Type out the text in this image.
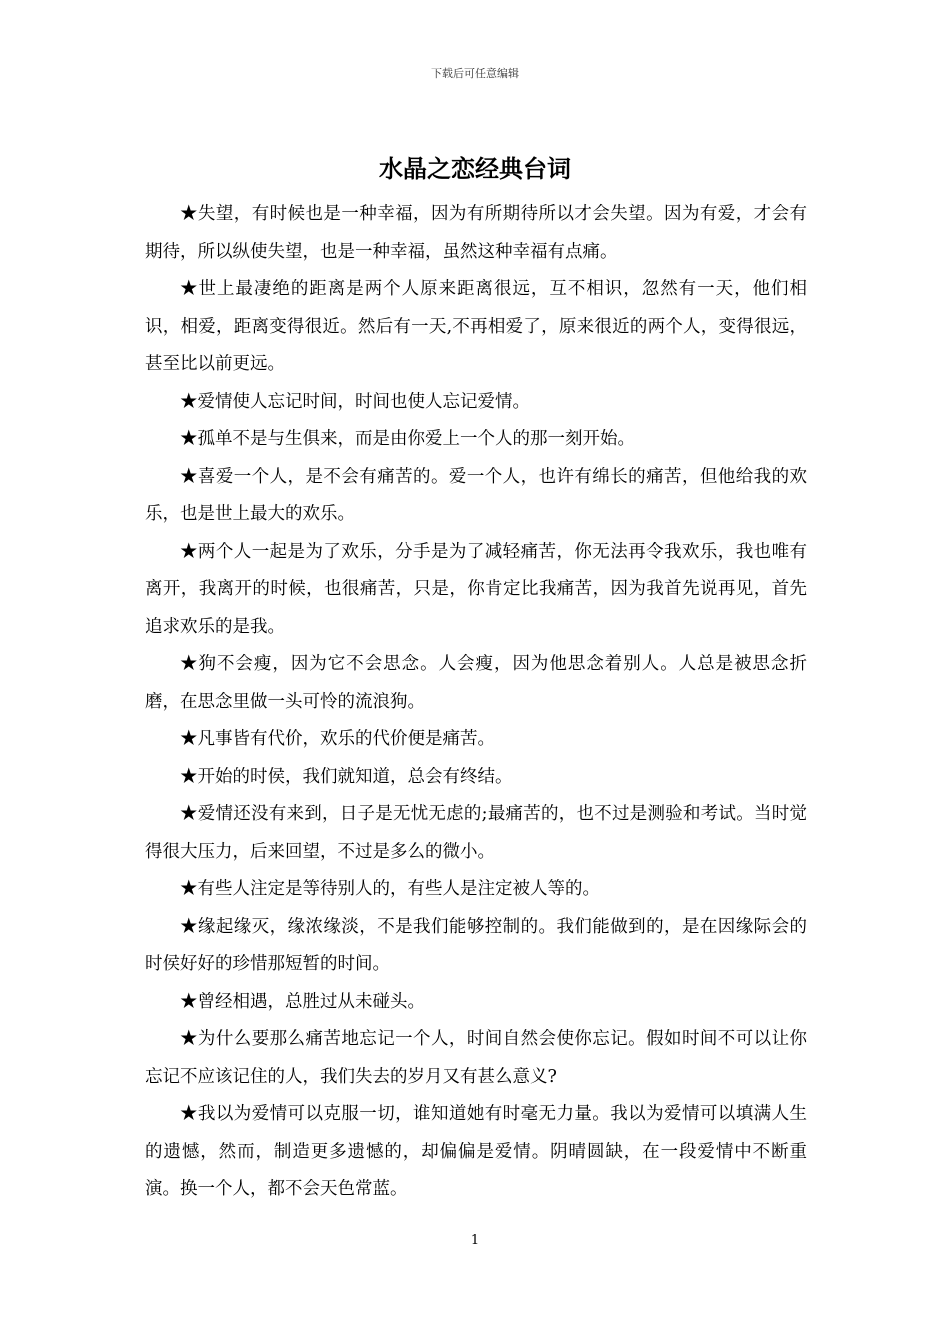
下载后可任意编辑
水晶之恋经典台词

★失望，有时候也是一种幸福，因为有所期待所以才会失望。因为有爱，才会有期待，所以纵使失望，也是一种幸福，虽然这种幸福有点痛。

★世上最凄绝的距离是两个人原来距离很远，互不相识，忽然有一天，他们相识，相爱，距离变得很近。然后有一天,不再相爱了，原来很近的两个人，变得很远，甚至比以前更远。

★爱情使人忘记时间，时间也使人忘记爱情。

★孤单不是与生俱来，而是由你爱上一个人的那一刻开始。

★喜爱一个人，是不会有痛苦的。爱一个人，也许有绵长的痛苦，但他给我的欢乐，也是世上最大的欢乐。

★两个人一起是为了欢乐，分手是为了减轻痛苦，你无法再令我欢乐，我也唯有离开，我离开的时候，也很痛苦，只是，你肯定比我痛苦，因为我首先说再见，首先追求欢乐的是我。

★狗不会瘦，因为它不会思念。人会瘦，因为他思念着别人。人总是被思念折磨，在思念里做一头可怜的流浪狗。

★凡事皆有代价，欢乐的代价便是痛苦。

★开始的时侯，我们就知道，总会有终结。

★爱情还没有来到，日子是无忧无虑的;最痛苦的，也不过是测验和考试。当时觉得很大压力，后来回望，不过是多么的微小。

★有些人注定是等待别人的，有些人是注定被人等的。

★缘起缘灭，缘浓缘淡，不是我们能够控制的。我们能做到的，是在因缘际会的时侯好好的珍惜那短暂的时间。

★曾经相遇，总胜过从未碰头。

★为什么要那么痛苦地忘记一个人，时间自然会使你忘记。假如时间不可以让你忘记不应该记住的人，我们失去的岁月又有甚么意义?

★我以为爱情可以克服一切，谁知道她有时毫无力量。我以为爱情可以填满人生的遗憾，然而，制造更多遗憾的，却偏偏是爱情。阴晴圆缺，在一段爱情中不断重演。换一个人，都不会天色常蓝。

1
